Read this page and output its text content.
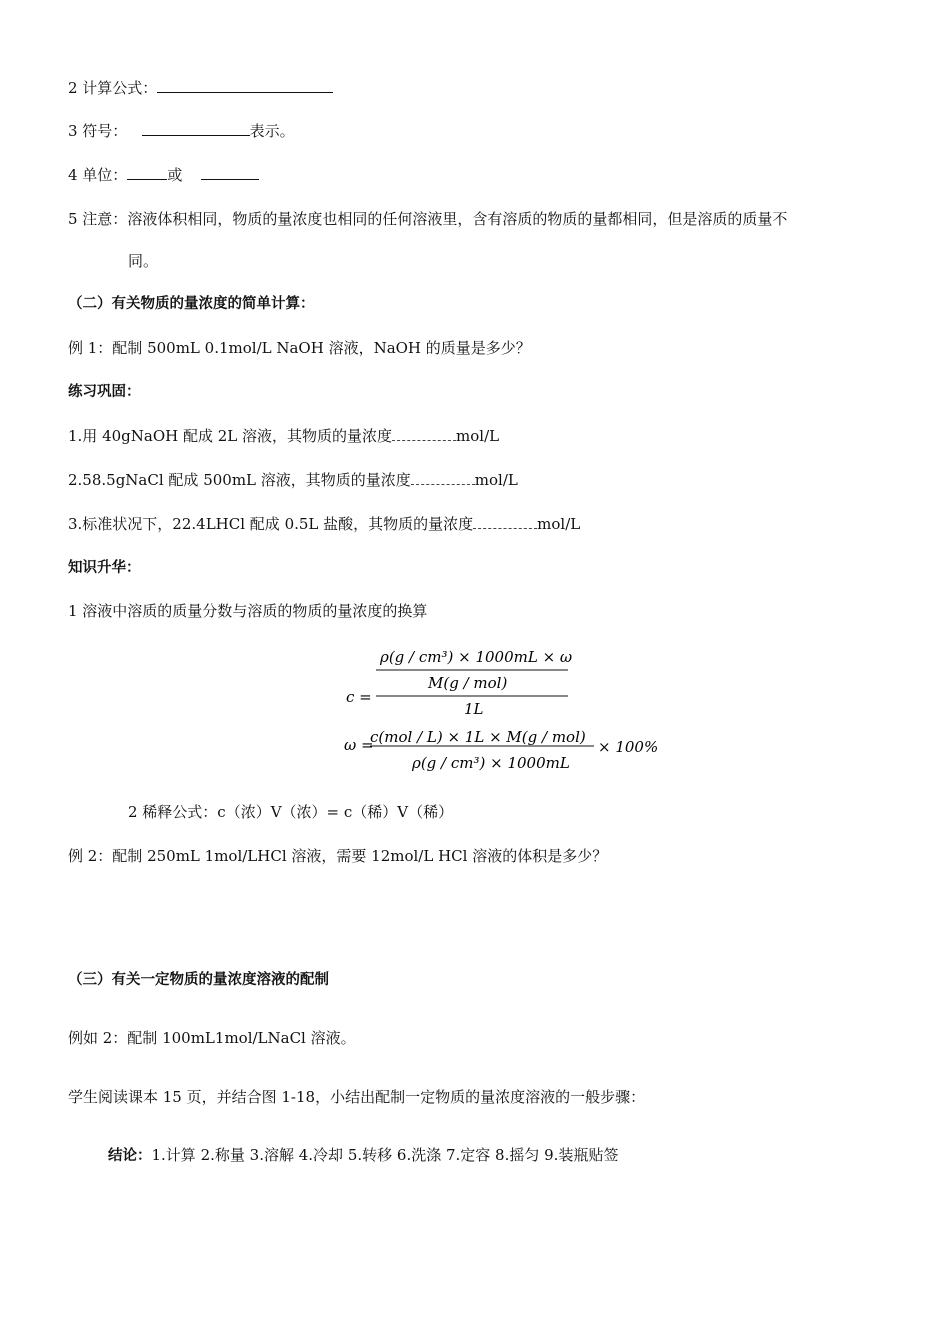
2 计算公式：
3 符号：	表示。
4 单位：	或
5 注意：溶液体积相同，物质的量浓度也相同的任何溶液里，含有溶质的物质的量都相同，但是溶质的质量不
同。
（二）有关物质的量浓度的简单计算：
例 1：配制 500mL 0.1mol/L NaOH 溶液，NaOH 的质量是多少？
练习巩固：
1.用 40gNaOH 配成 2L 溶液，其物质的量浓度	mol/L
2.58.5gNaCl 配成 500mL 溶液，其物质的量浓度	mol/L
3.标准状况下，22.4LHCl 配成 0.5L 盐酸，其物质的量浓度	mol/L
知识升华：
1 溶液中溶质的质量分数与溶质的物质的量浓度的换算
ρ(g / cm³) × 1000mL × ω
M(g / mol)
c =
1L
c(mol / L) × 1L × M(g / mol)
ω =	× 100%
ρ(g / cm³) × 1000mL
2 稀释公式：c（浓）V（浓）= c（稀）V（稀）
例 2：配制 250mL 1mol/LHCl 溶液，需要 12mol/L HCl 溶液的体积是多少？
（三）有关一定物质的量浓度溶液的配制
例如 2：配制 100mL1mol/LNaCl 溶液。
学生阅读课本 15 页，并结合图 1-18，小结出配制一定物质的量浓度溶液的一般步骤：
结论：1.计算 2.称量 3.溶解 4.冷却 5.转移 6.洗涤 7.定容 8.摇匀 9.装瓶贴签
